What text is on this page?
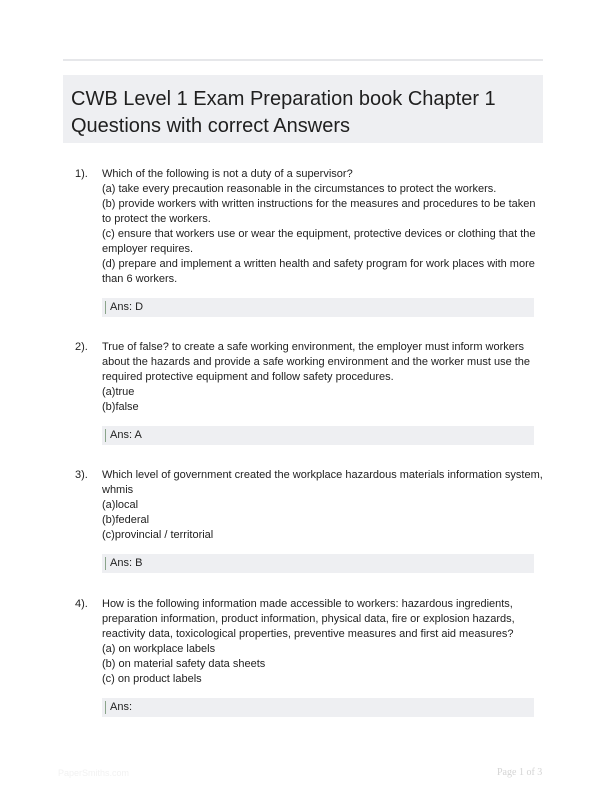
CWB Level 1 Exam Preparation book Chapter 1
Questions with correct Answers
1). Which of the following is not a duty of a supervisor?
(a) take every precaution reasonable in the circumstances to protect the workers.
(b) provide workers with written instructions for the measures and procedures to be taken
to protect the workers.
(c) ensure that workers use or wear the equipment, protective devices or clothing that the
employer requires.
(d) prepare and implement a written health and safety program for work places with more
than 6 workers.
Ans: D
2). True of false? to create a safe working environment, the employer must inform workers
about the hazards and provide a safe working environment and the worker must use the
required protective equipment and follow safety procedures.
(a)true
(b)false
Ans: A
3). Which level of government created the workplace hazardous materials information system,
whmis
(a)local
(b)federal
(c)provincial / territorial
Ans: B
4). How is the following information made accessible to workers: hazardous ingredients,
preparation information, product information, physical data, fire or explosion hazards,
reactivity data, toxicological properties, preventive measures and first aid measures?
(a) on workplace labels
(b) on material safety data sheets
(c) on product labels
Ans:
PaperSmiths.com	Page 1 of 3
